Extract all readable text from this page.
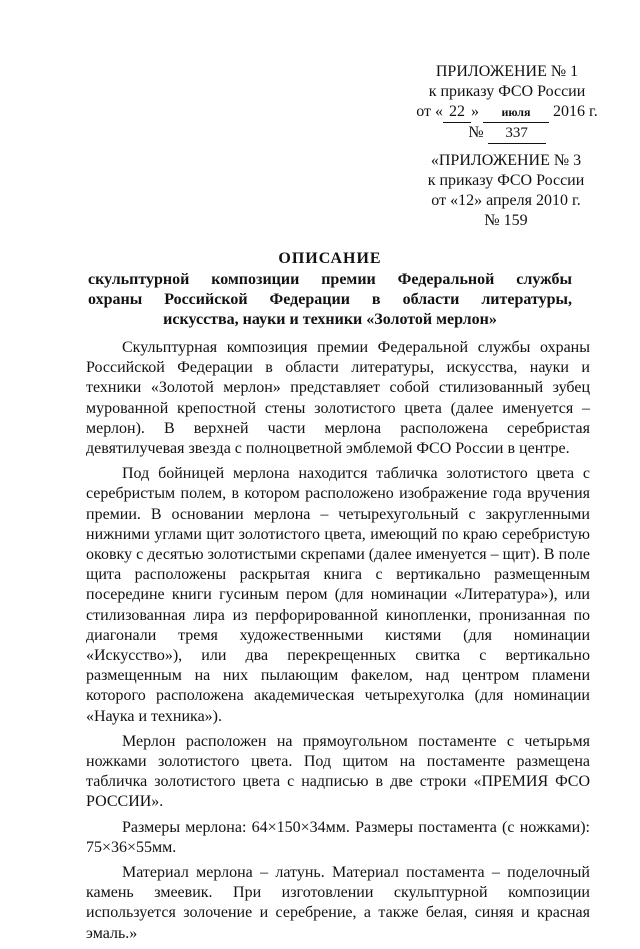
ПРИЛОЖЕНИЕ № 1
к приказу ФСО России
от « 22 » июля 2016 г.
№ 337
«ПРИЛОЖЕНИЕ № 3
к приказу ФСО России
от «12» апреля 2010 г.
№ 159
ОПИСАНИЕ
скульптурной композиции премии Федеральной службы
охраны Российской Федерации в области литературы,
искусства, науки и техники «Золотой мерлон»

Скульптурная композиция премии Федеральной службы охраны Российской Федерации в области литературы, искусства, науки и техники «Золотой мерлон» представляет собой стилизованный зубец мурованной крепостной стены золотистого цвета (далее именуется – мерлон). В верхней части мерлона расположена серебристая девятилучевая звезда с полноцветной эмблемой ФСО России в центре.

Под бойницей мерлона находится табличка золотистого цвета с серебристым полем, в котором расположено изображение года вручения премии. В основании мерлона – четырехугольный с закругленными нижними углами щит золотистого цвета, имеющий по краю серебристую оковку с десятью золотистыми скрепами (далее именуется – щит). В поле щита расположены раскрытая книга с вертикально размещенным посередине книги гусиным пером (для номинации «Литература»), или стилизованная лира из перфорированной кинопленки, пронизанная по диагонали тремя художественными кистями (для номинации «Искусство»), или два перекрещенных свитка с вертикально размещенным на них пылающим факелом, над центром пламени которого расположена академическая четырехуголка (для номинации «Наука и техника»).

Мерлон расположен на прямоугольном постаменте с четырьмя ножками золотистого цвета. Под щитом на постаменте размещена табличка золотистого цвета с надписью в две строки «ПРЕМИЯ ФСО РОССИИ».

Размеры мерлона: 64×150×34мм. Размеры постамента (с ножками): 75×36×55мм.

Материал мерлона – латунь. Материал постамента – поделочный камень змеевик. При изготовлении скульптурной композиции используется золочение и серебрение, а также белая, синяя и красная эмаль.»
